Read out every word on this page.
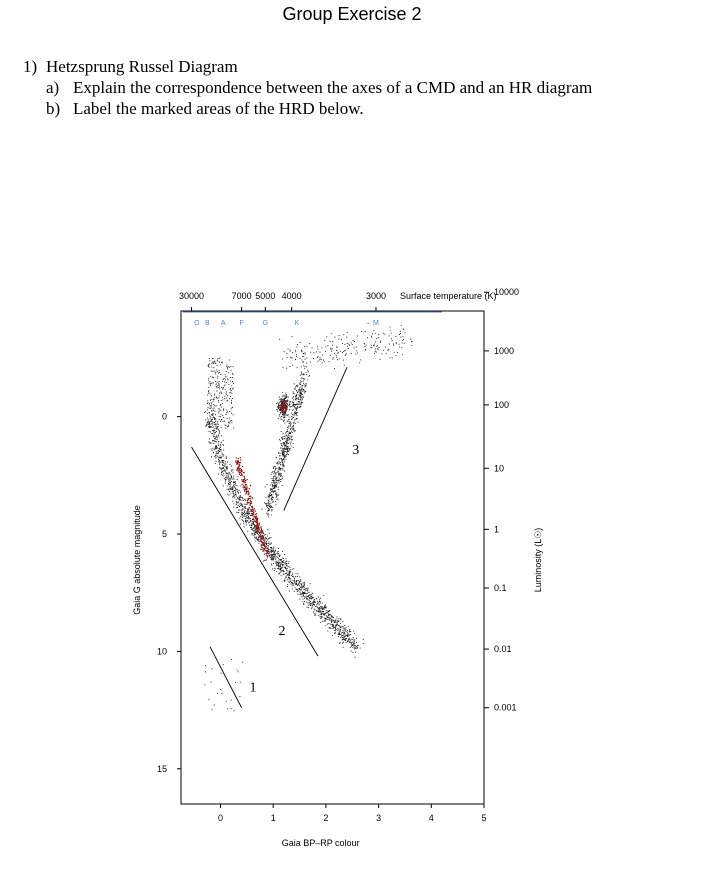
Group Exercise 2
1) Hetzsprung Russel Diagram
a) Explain the correspondence between the axes of a CMD and an HR diagram
b) Label the marked areas of the HRD below.
0	1	2	3	4	5
0
5
10
15
10000
1000
100
10
1
0.1
0.01
0.001
30000	7000 5000 4000	3000 Surface temperature (K)
O B A F	G	K	M
Gaia BP–RP colour
Gaia G absolute magnitude	Luminosity (L☉)
1
2
3
